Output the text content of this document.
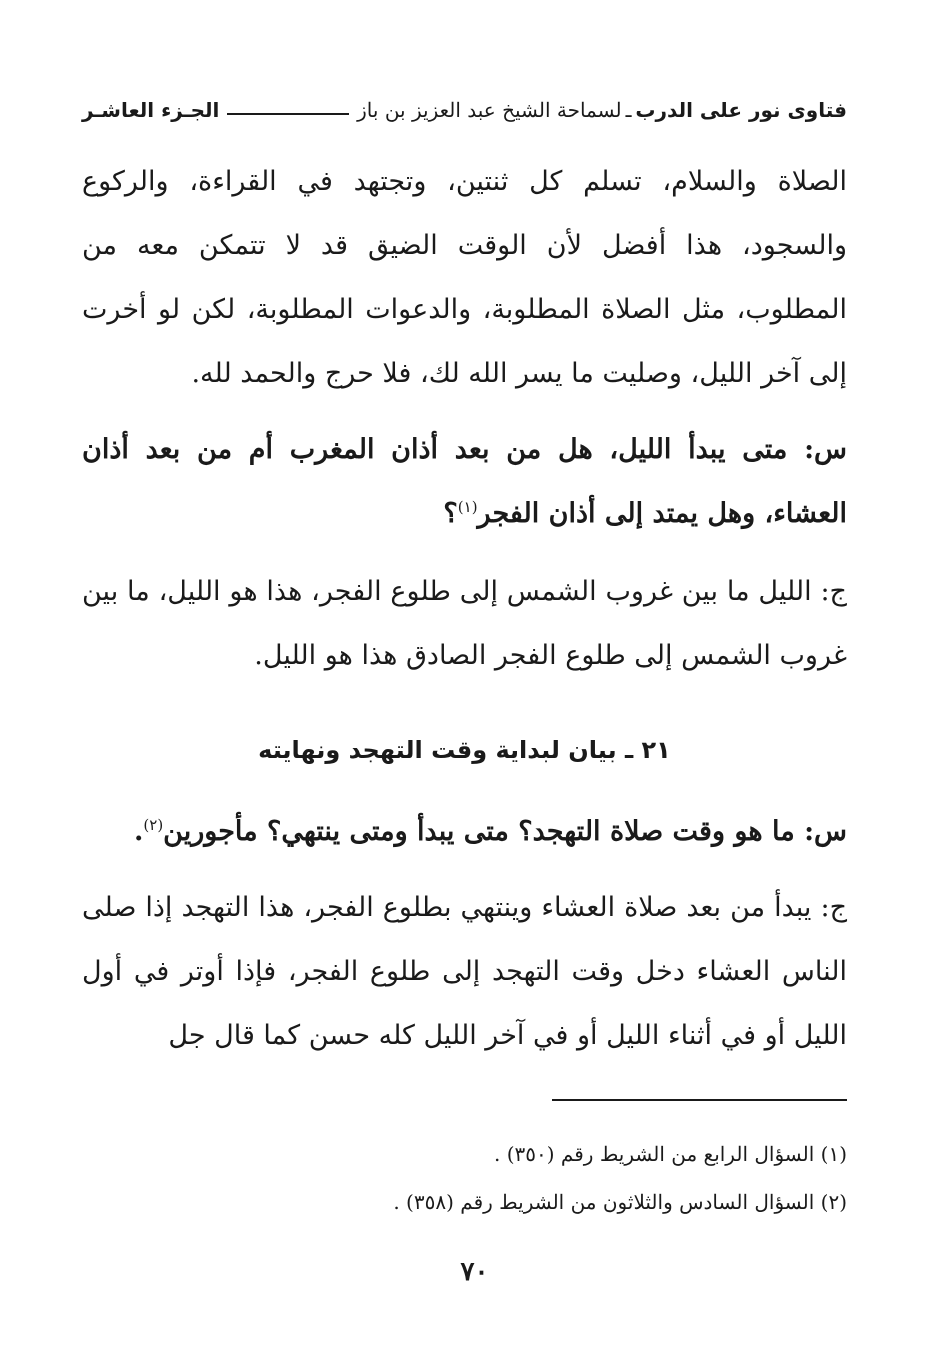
فتاوى نور على الدرب
ـ
لسماحة الشيخ عبد العزيز بن باز
الجـزء العاشـر

الصلاة والسلام، تسلم كل ثنتين، وتجتهد في القراءة، والركوع والسجود، هذا أفضل لأن الوقت الضيق قد لا تتمكن معه من المطلوب، مثل الصلاة المطلوبة، والدعوات المطلوبة، لكن لو أخرت إلى آخر الليل، وصليت ما يسر الله لك، فلا حرج والحمد لله.

س: متى يبدأ الليل، هل من بعد أذان المغرب أم من بعد أذان العشاء، وهل يمتد إلى أذان الفجر$^{(١)}$؟

ج: الليل ما بين غروب الشمس إلى طلوع الفجر، هذا هو الليل، ما بين غروب الشمس إلى طلوع الفجر الصادق هذا هو الليل.

٢١ ـ بيان لبداية وقت التهجد ونهايته

س: ما هو وقت صلاة التهجد؟ متى يبدأ ومتى ينتهي؟ مأجورين$^{(٢)}$.

ج: يبدأ من بعد صلاة العشاء وينتهي بطلوع الفجر، هذا التهجد إذا صلى الناس العشاء دخل وقت التهجد إلى طلوع الفجر، فإذا أوتر في أول الليل أو في أثناء الليل أو في آخر الليل كله حسن كما قال جل

(١) السؤال الرابع من الشريط رقم (٣٥٠) .

(٢) السؤال السادس والثلاثون من الشريط رقم (٣٥٨) .

٧٠
